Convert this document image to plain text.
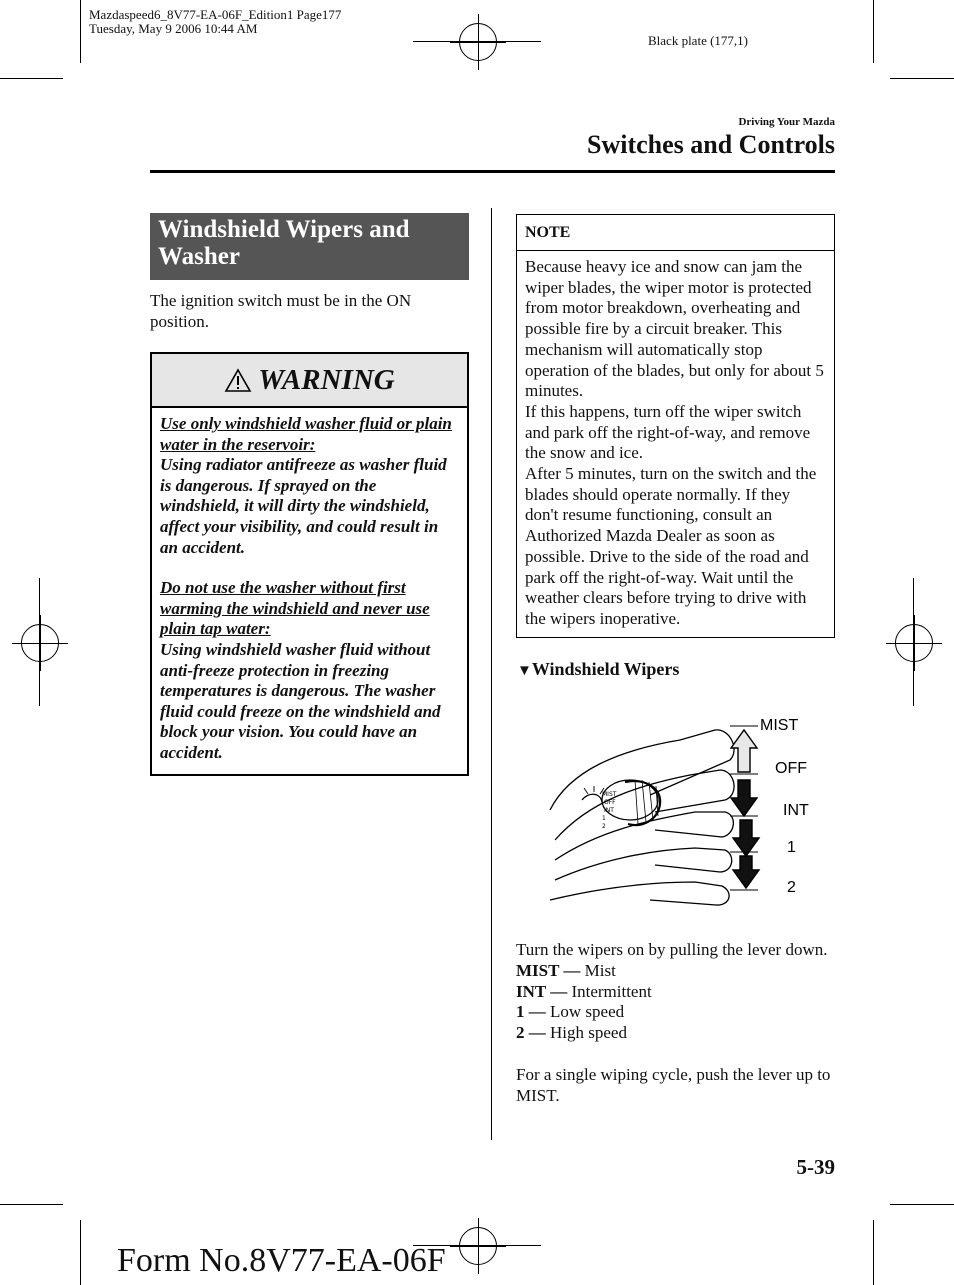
Mazdaspeed6_8V77-EA-06F_Edition1 Page177
Tuesday, May 9 2006 10:44 AM
Black plate (177,1)
Driving Your Mazda
Switches and Controls
Windshield Wipers and Washer
The ignition switch must be in the ON position.
WARNING

Use only windshield washer fluid or plain water in the reservoir:
Using radiator antifreeze as washer fluid is dangerous. If sprayed on the windshield, it will dirty the windshield, affect your visibility, and could result in an accident.

Do not use the washer without first warming the windshield and never use plain tap water:
Using windshield washer fluid without anti-freeze protection in freezing temperatures is dangerous. The washer fluid could freeze on the windshield and block your vision. You could have an accident.

NOTE

Because heavy ice and snow can jam the wiper blades, the wiper motor is protected from motor breakdown, overheating and possible fire by a circuit breaker. This mechanism will automatically stop operation of the blades, but only for about 5 minutes.

If this happens, turn off the wiper switch and park off the right-of-way, and remove the snow and ice.

After 5 minutes, turn on the switch and the blades should operate normally. If they don't resume functioning, consult an Authorized Mazda Dealer as soon as possible. Drive to the side of the road and park off the right-of-way. Wait until the weather clears before trying to drive with the wipers inoperative.

▼Windshield Wipers
MIST
OFF
INT
1
2
MIST
OFF
INT
1
2

Turn the wipers on by pulling the lever down.

MIST — Mist

INT — Intermittent

1 — Low speed

2 — High speed

For a single wiping cycle, push the lever up to MIST.

5-39
Form No.8V77-EA-06F
